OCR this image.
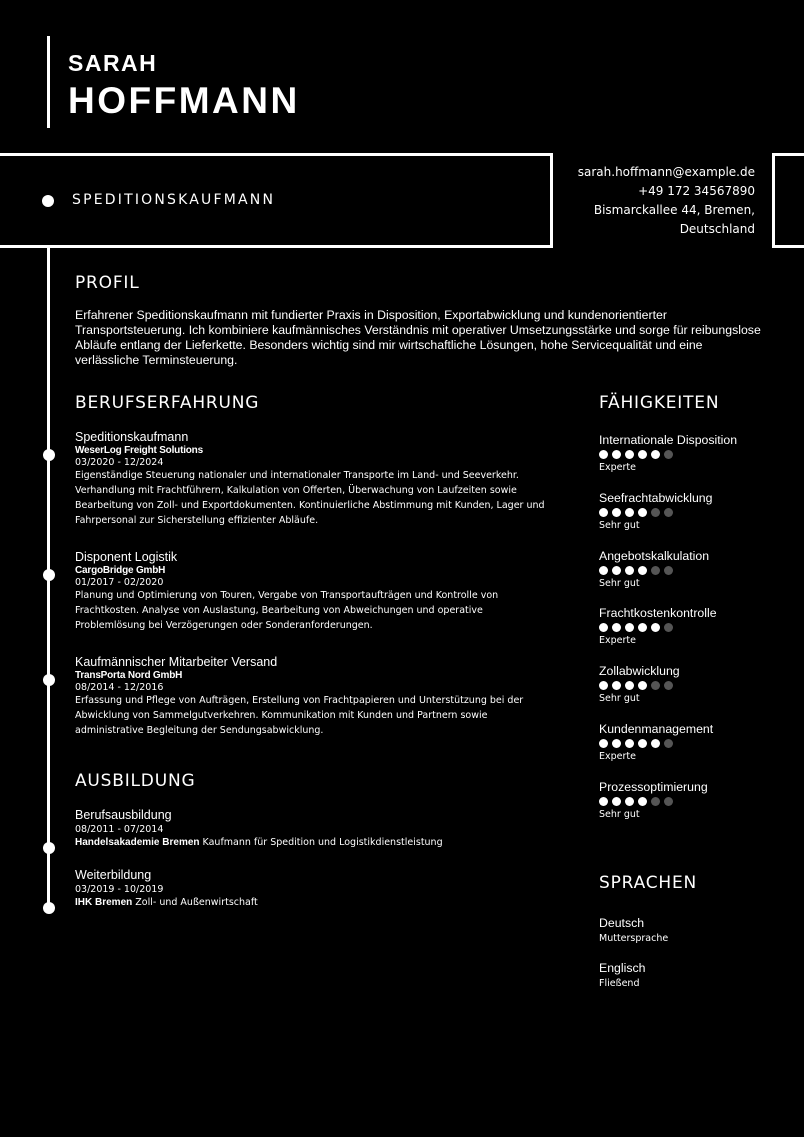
SARAH
HOFFMANN
SPEDITIONSKAUFMANN
sarah.hoffmann@example.de
+49 172 34567890
Bismarckallee 44, Bremen,
Deutschland
PROFIL
Erfahrener Speditionskaufmann mit fundierter Praxis in Disposition, Exportabwicklung und kundenorientierter Transportsteuerung. Ich kombiniere kaufmännisches Verständnis mit operativer Umsetzungsstärke und sorge für reibungslose Abläufe entlang der Lieferkette. Besonders wichtig sind mir wirtschaftliche Lösungen, hohe Servicequalität und eine verlässliche Terminsteuerung.
BERUFSERFAHRUNG
Speditionskaufmann
WeserLog Freight Solutions
03/2020 - 12/2024
Eigenständige Steuerung nationaler und internationaler Transporte im Land- und Seeverkehr. Verhandlung mit Frachtführern, Kalkulation von Offerten, Überwachung von Laufzeiten sowie Bearbeitung von Zoll- und Exportdokumenten. Kontinuierliche Abstimmung mit Kunden, Lager und Fahrpersonal zur Sicherstellung effizienter Abläufe.
Disponent Logistik
CargoBridge GmbH
01/2017 - 02/2020
Planung und Optimierung von Touren, Vergabe von Transportaufträgen und Kontrolle von Frachtkosten. Analyse von Auslastung, Bearbeitung von Abweichungen und operative Problemlösung bei Verzögerungen oder Sonderanforderungen.
Kaufmännischer Mitarbeiter Versand
TransPorta Nord GmbH
08/2014 - 12/2016
Erfassung und Pflege von Aufträgen, Erstellung von Frachtpapieren und Unterstützung bei der Abwicklung von Sammelgutverkehren. Kommunikation mit Kunden und Partnern sowie administrative Begleitung der Sendungsabwicklung.
AUSBILDUNG
Berufsausbildung
08/2011 - 07/2014
Handelsakademie Bremen Kaufmann für Spedition und Logistikdienstleistung
Weiterbildung
03/2019 - 10/2019
IHK Bremen Zoll- und Außenwirtschaft
FÄHIGKEITEN
Internationale Disposition
Experte
Seefrachtabwicklung
Sehr gut
Angebotskalkulation
Sehr gut
Frachtkostenkontrolle
Experte
Zollabwicklung
Sehr gut
Kundenmanagement
Experte
Prozessoptimierung
Sehr gut
SPRACHEN
Deutsch
Muttersprache
Englisch
Fließend
